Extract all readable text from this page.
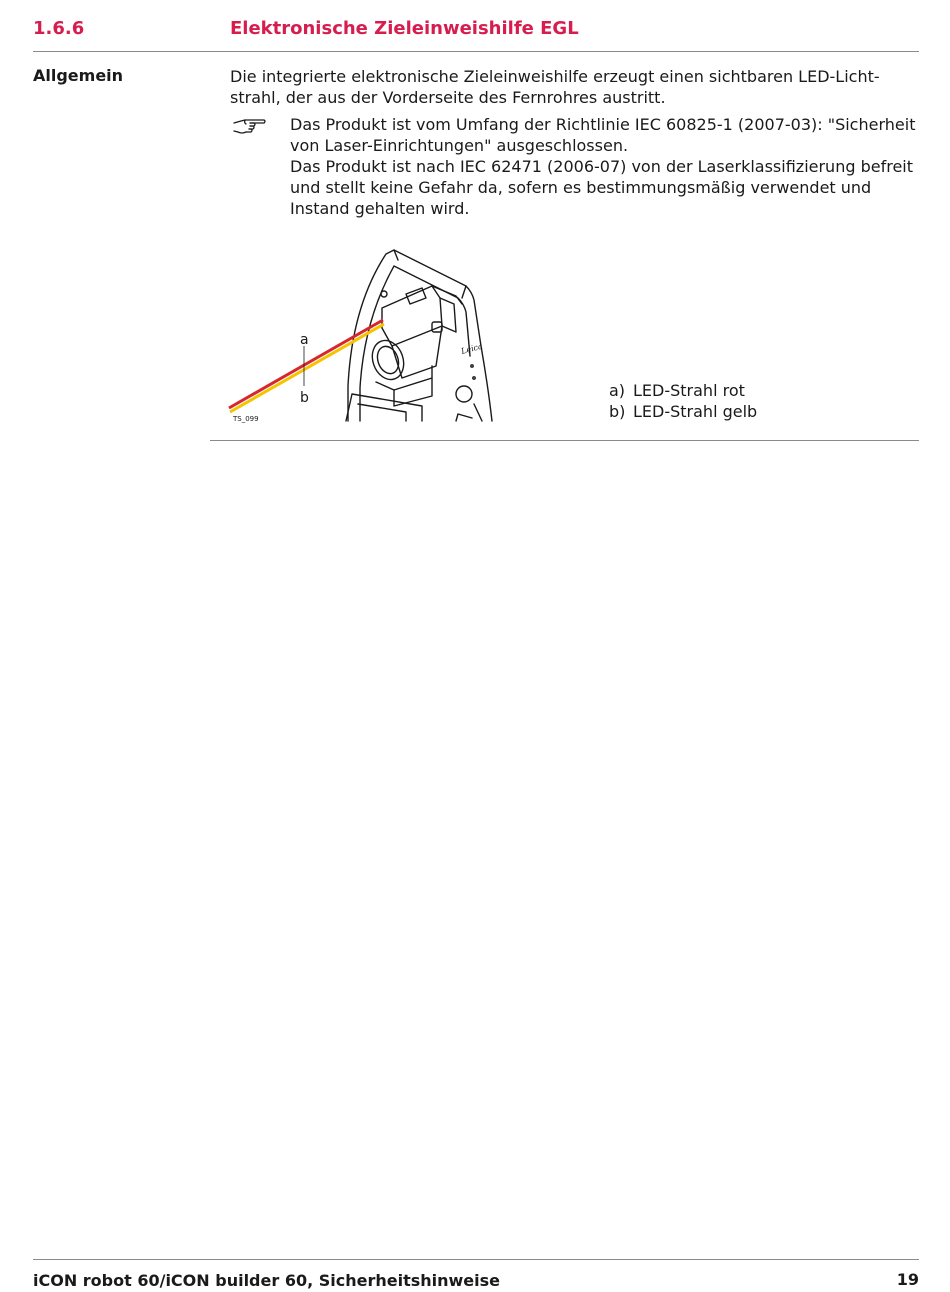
1.6.6	Elektronische Zieleinweishilfe EGL
Allgemein	Die integrierte elektronische Zieleinweishilfe erzeugt einen sichtbaren LED-Lichtstrahl, der aus der Vorderseite des Fernrohres austritt.

Das Produkt ist vom Umfang der Richtlinie IEC 60825-1 (2007-03): "Sicherheit von Laser-Einrichtungen" ausgeschlossen.

Das Produkt ist nach IEC 62471 (2006-07) von der Laserklassifizierung befreit und stellt keine Gefahr da, sofern es bestimmungsmäßig verwendet und Instand gehalten wird.

Leica
a
b
TS_099
a) LED-Strahl rot
b) LED-Strahl gelb
iCON robot 60/iCON builder 60, Sicherheitshinweise	19
